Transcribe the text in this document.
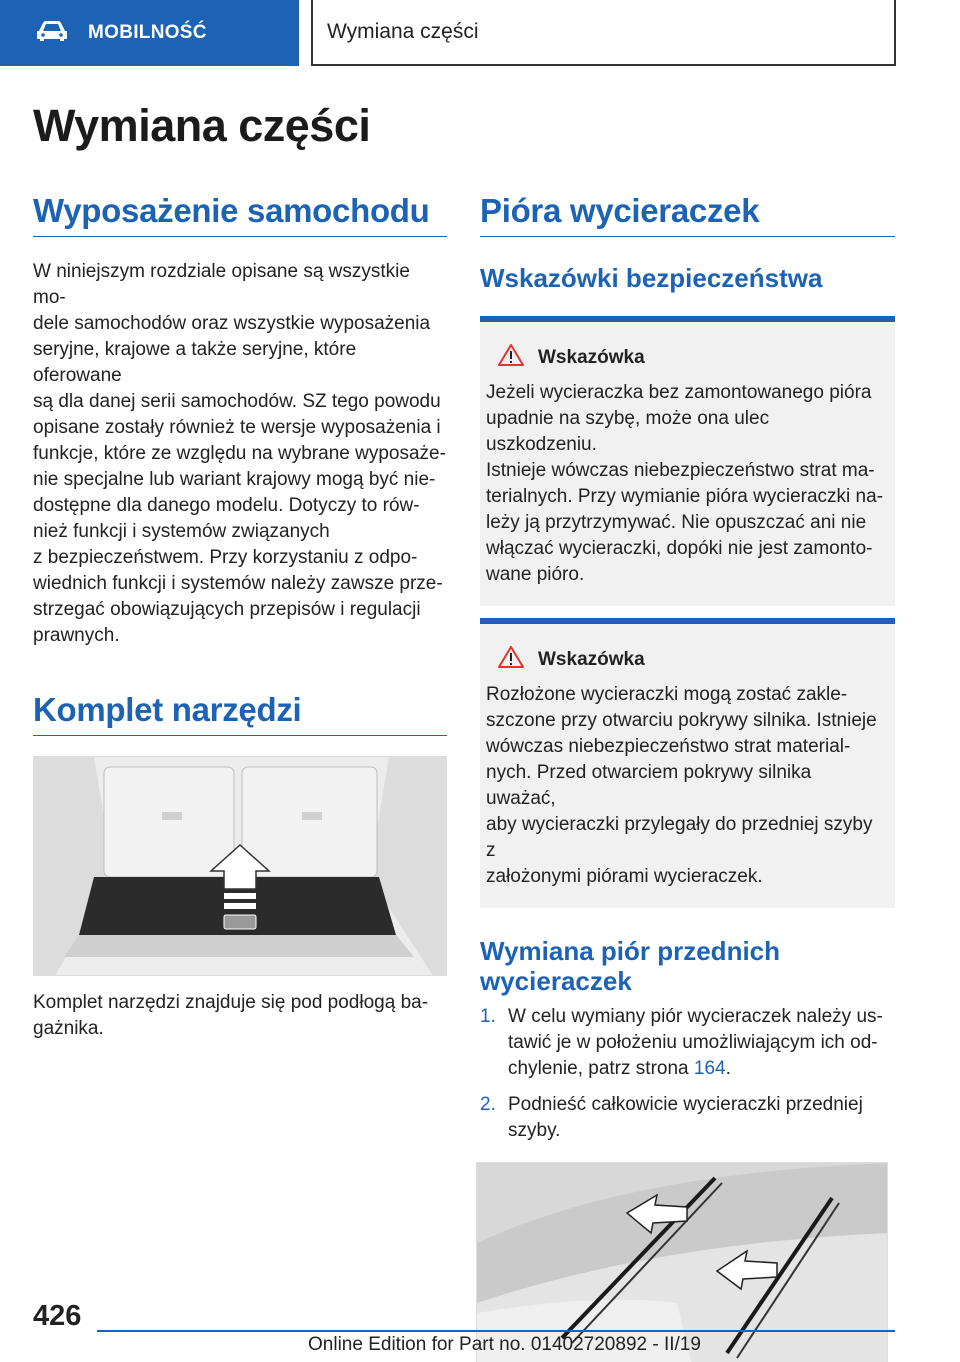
MOBILNOŚĆ	Wymiana części
Wymiana części
Wyposażenie samochodu
W niniejszym rozdziale opisane są wszystkie mo-
dele samochodów oraz wszystkie wyposażenia
seryjne, krajowe a także seryjne, które oferowane
są dla danej serii samochodów. SZ tego powodu
opisane zostały również te wersje wyposażenia i
funkcje, które ze względu na wybrane wyposaże-
nie specjalne lub wariant krajowy mogą być nie-
dostępne dla danego modelu. Dotyczy to rów-
nież funkcji i systemów związanych
z bezpieczeństwem. Przy korzystaniu z odpo-
wiednich funkcji i systemów należy zawsze prze-
strzegać obowiązujących przepisów i regulacji
prawnych.
Komplet narzędzi
Komplet narzędzi znajduje się pod podłogą ba-
gażnika.
Pióra wycieraczek
Wskazówki bezpieczeństwa
Wskazówka
Jeżeli wycieraczka bez zamontowanego pióra
upadnie na szybę, może ona ulec uszkodzeniu.
Istnieje wówczas niebezpieczeństwo strat ma-
terialnych. Przy wymianie pióra wycieraczki na-
leży ją przytrzymywać. Nie opuszczać ani nie
włączać wycieraczki, dopóki nie jest zamonto-
wane pióro.
Wskazówka
Rozłożone wycieraczki mogą zostać zakle-
szczone przy otwarciu pokrywy silnika. Istnieje
wówczas niebezpieczeństwo strat material-
nych. Przed otwarciem pokrywy silnika uważać,
aby wycieraczki przylegały do przedniej szyby z
założonymi piórami wycieraczek.
Wymiana piór przednich
wycieraczek
1. W celu wymiany piór wycieraczek należy us-
tawić je w położeniu umożliwiającym ich od-
chylenie, patrz strona 164.
2. Podnieść całkowicie wycieraczki przedniej
szyby.
426
Online Edition for Part no. 01402720892 - II/19
